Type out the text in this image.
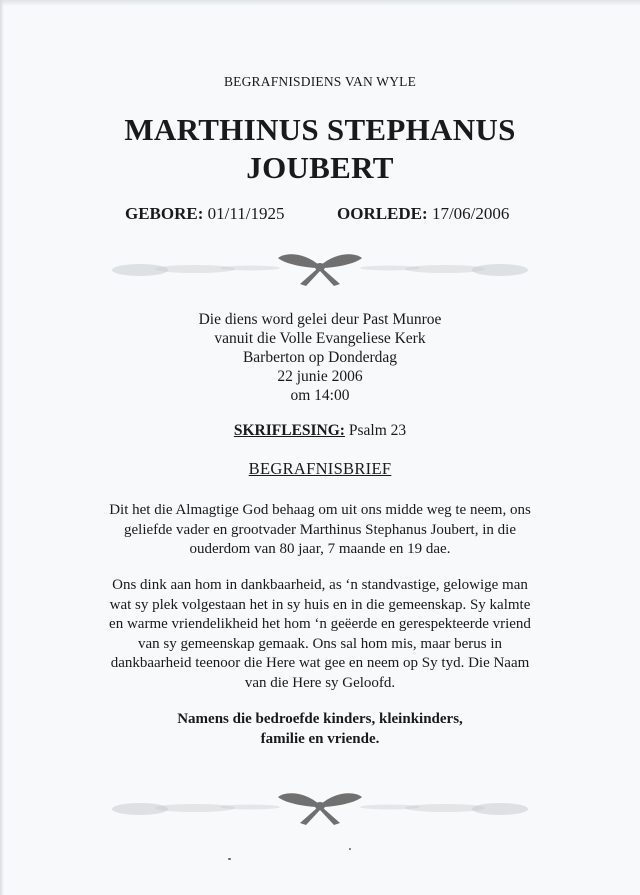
BEGRAFNISDIENS VAN WYLE
MARTHINUS STEPHANUS
JOUBERT
GEBORE: 01/11/1925	OORLEDE: 17/06/2006
Die diens word gelei deur Past Munroe
vanuit die Volle Evangeliese Kerk
Barberton op Donderdag
22 junie 2006
om 14:00
SKRIFLESING: Psalm 23
BEGRAFNISBRIEF
Dit het die Almagtige God behaag om uit ons midde weg te neem, ons
geliefde vader en grootvader Marthinus Stephanus Joubert, in die
ouderdom van 80 jaar, 7 maande en 19 dae.
Ons dink aan hom in dankbaarheid, as ‘n standvastige, gelowige man
wat sy plek volgestaan het in sy huis en in die gemeenskap. Sy kalmte
en warme vriendelikheid het hom ‘n geëerde en gerespekteerde vriend
van sy gemeenskap gemaak. Ons sal hom mis, maar berus in
dankbaarheid teenoor die Here wat gee en neem op Sy tyd. Die Naam
van die Here sy Geloofd.
Namens die bedroefde kinders, kleinkinders,
familie en vriende.
